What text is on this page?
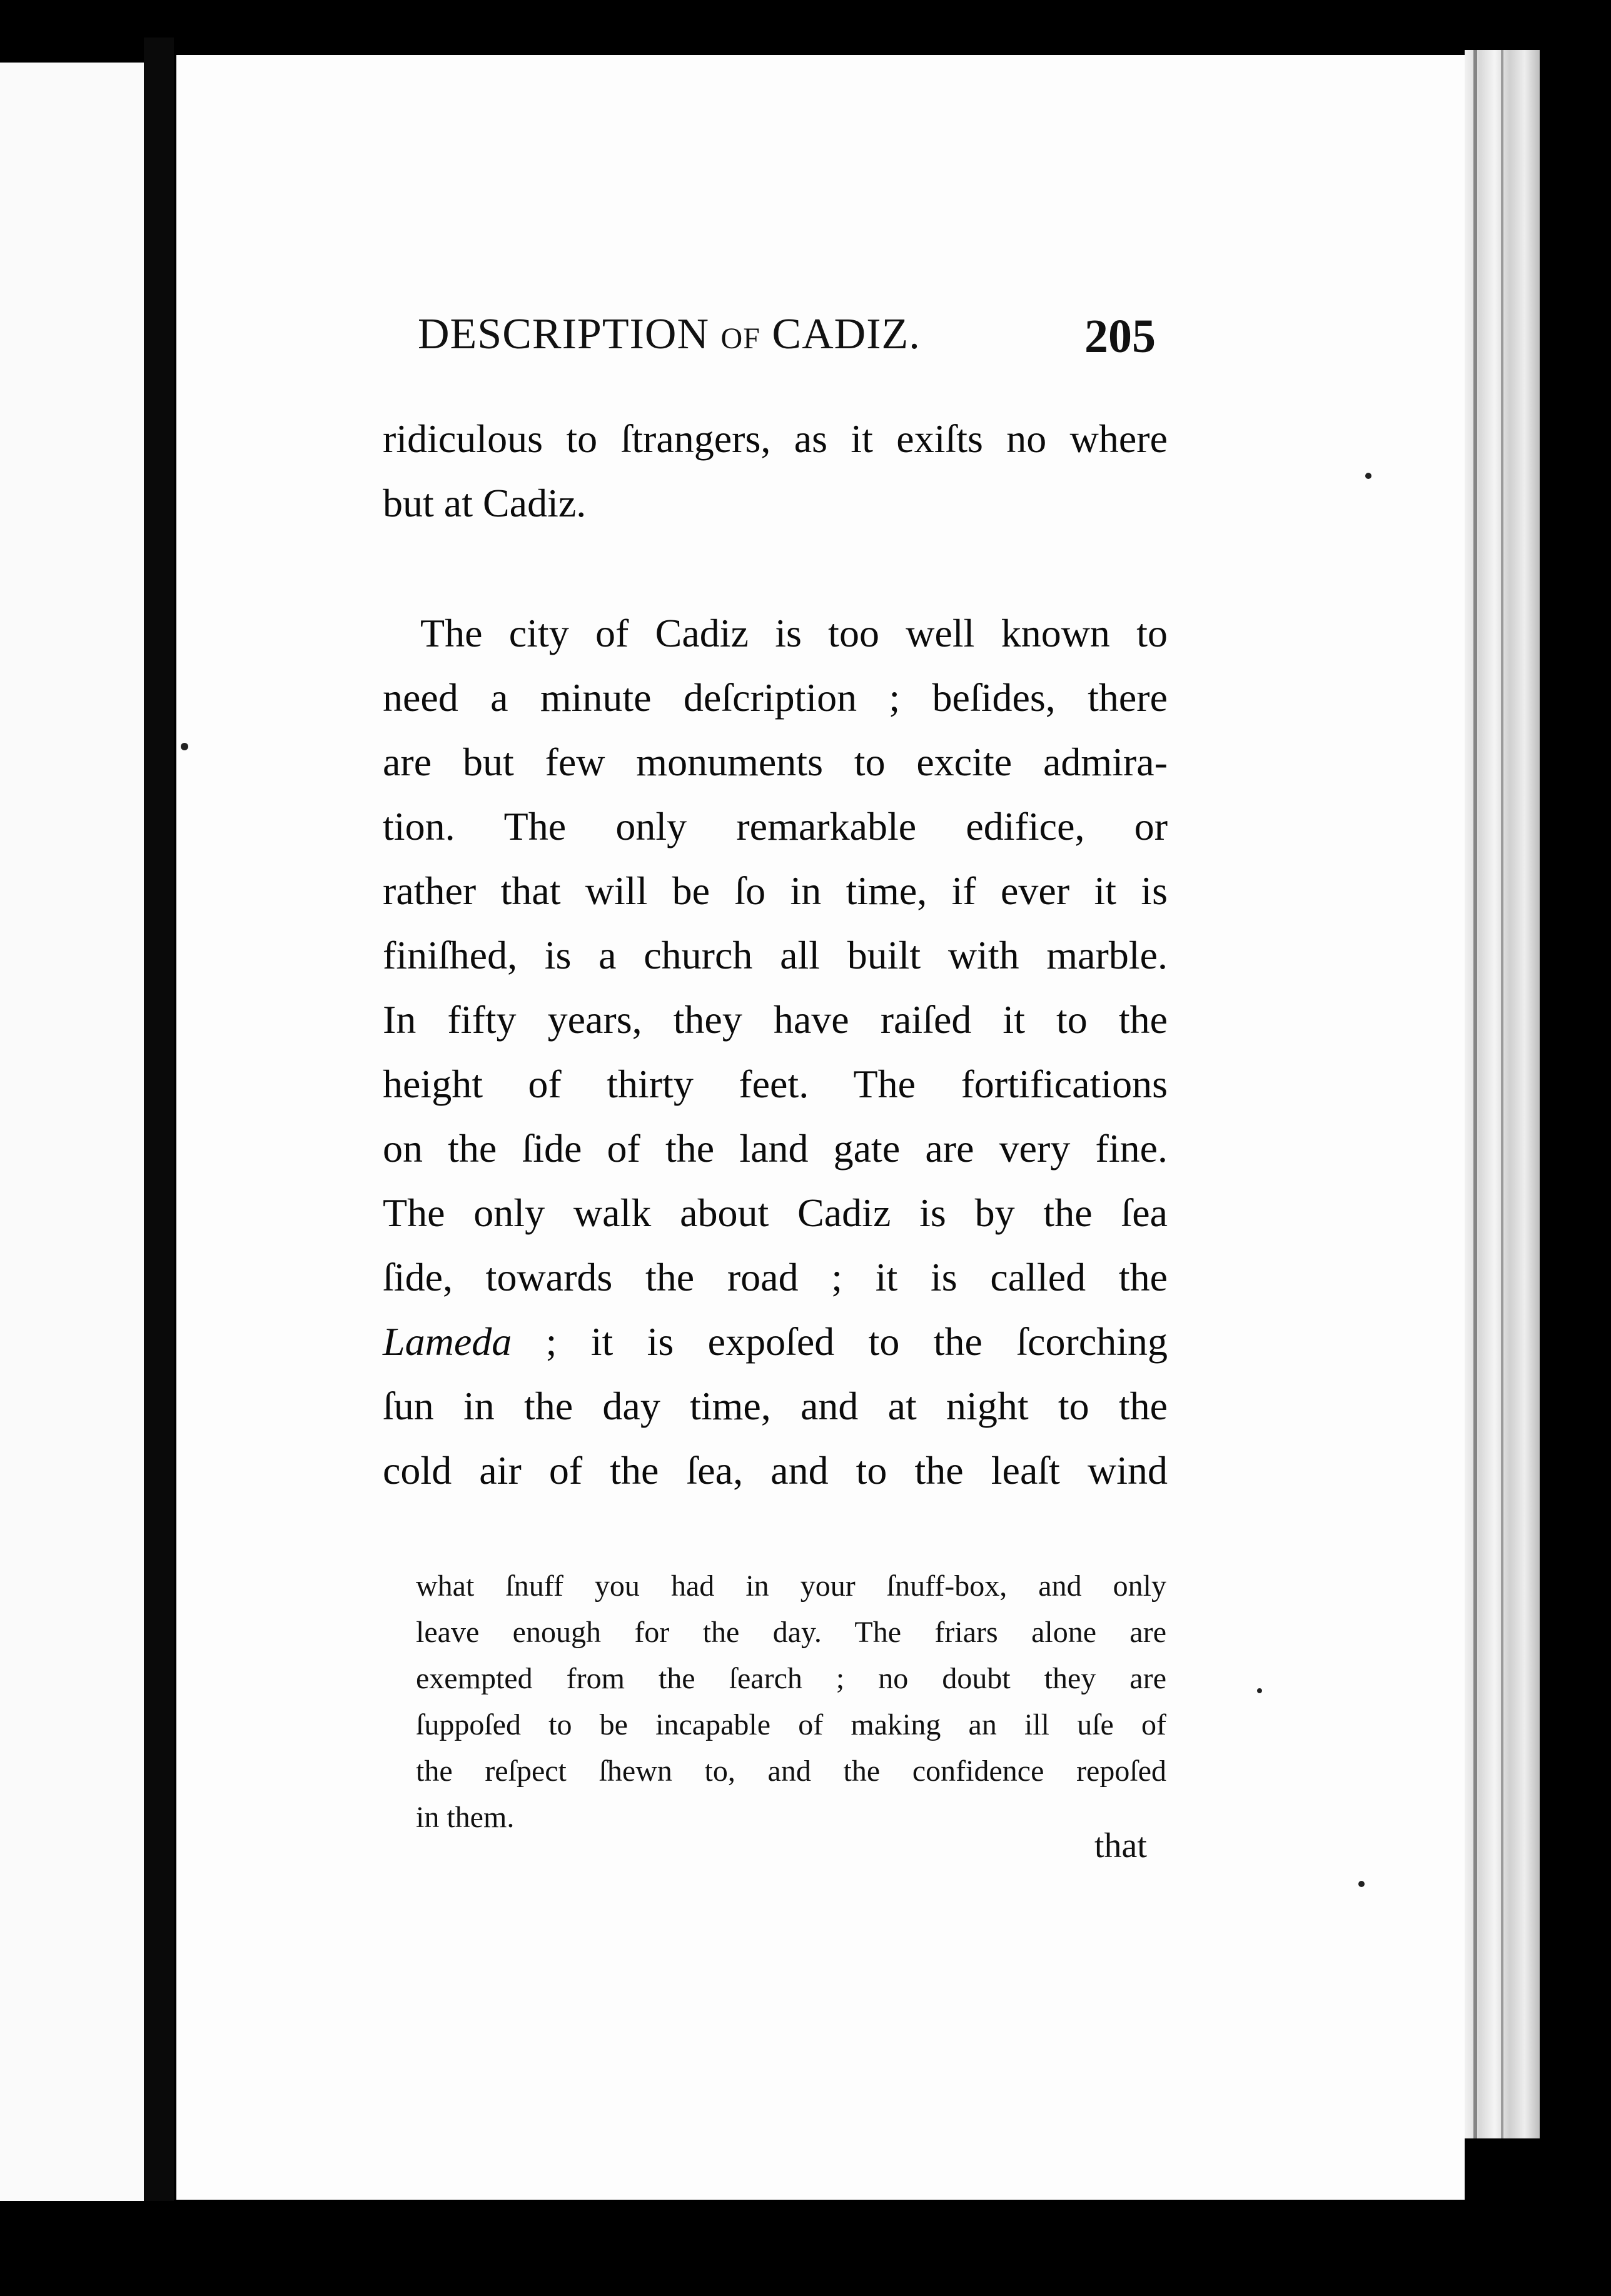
DESCRIPTION OF CADIZ.	205
ridiculous to ſtrangers, as it exiſts no where
but at Cadiz.
The city of Cadiz is too well known to
need a minute deſcription ; beſides, there
are but few monuments to excite admira-
tion. The only remarkable edifice, or
rather that will be ſo in time, if ever it is
finiſhed, is a church all built with marble.
In fifty years, they have raiſed it to the
height of thirty feet. The fortifications
on the ſide of the land gate are very fine.
The only walk about Cadiz is by the ſea
ſide, towards the road ; it is called the
Lameda ; it is expoſed to the ſcorching
ſun in the day time, and at night to the
cold air of the ſea, and to the leaſt wind
what ſnuff you had in your ſnuff-box, and only
leave enough for the day. The friars alone are
exempted from the ſearch ; no doubt they are
ſuppoſed to be incapable of making an ill uſe of
the reſpect ſhewn to, and the confidence repoſed
in them.
that
